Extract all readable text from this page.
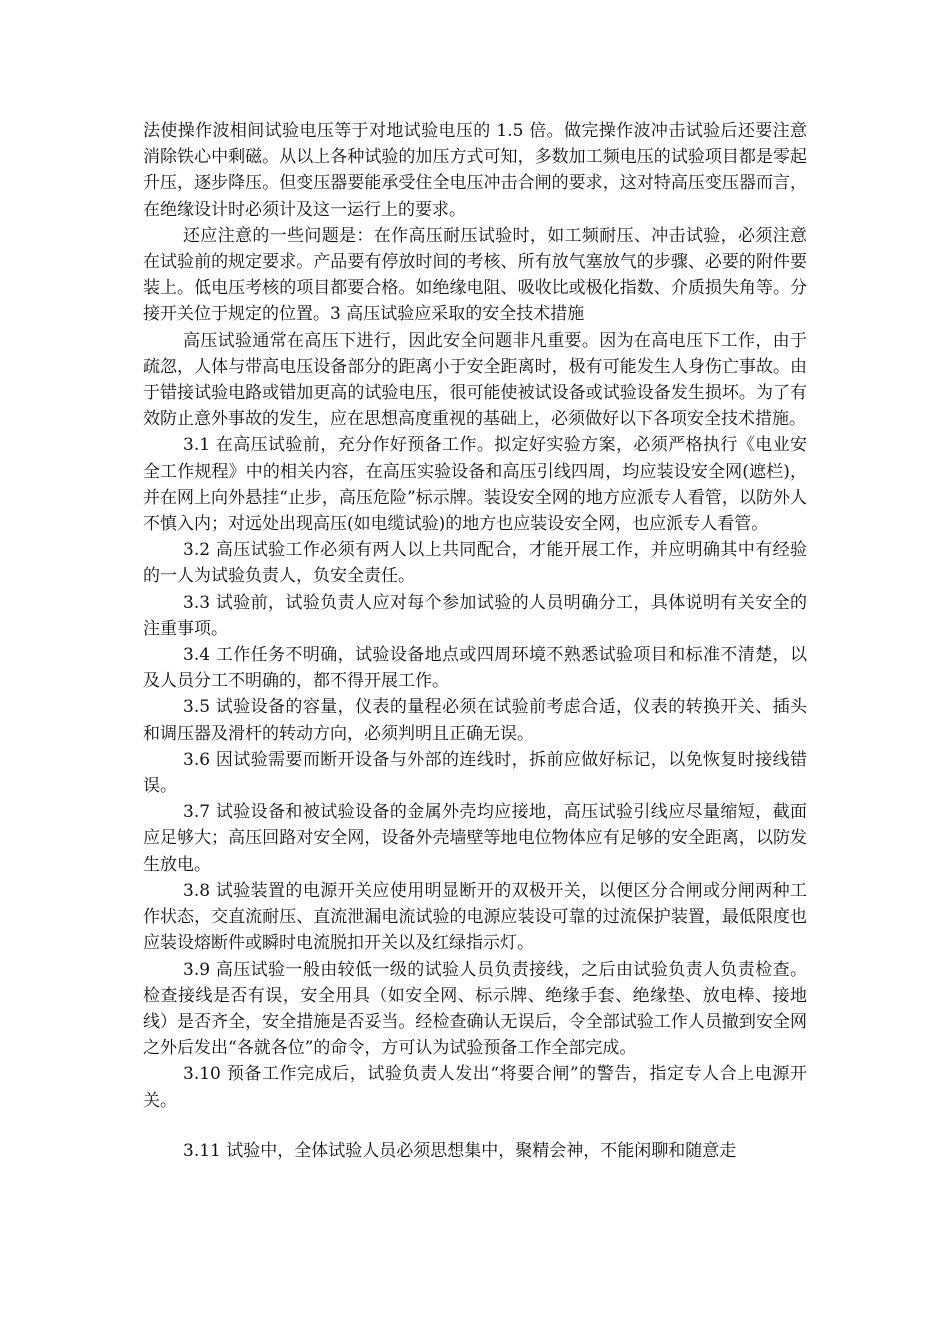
法使操作波相间试验电压等于对地试验电压的 1.5 倍。做完操作波冲击试验后还要注意消除铁心中剩磁。从以上各种试验的加压方式可知，多数加工频电压的试验项目都是零起升压，逐步降压。但变压器要能承受住全电压冲击合闸的要求，这对特高压变压器而言，在绝缘设计时必须计及这一运行上的要求。

还应注意的一些问题是：在作高压耐压试验时，如工频耐压、冲击试验，必须注意在试验前的规定要求。产品要有停放时间的考核、所有放气塞放气的步骤、必要的附件要装上。低电压考核的项目都要合格。如绝缘电阻、吸收比或极化指数、介质损失角等。分接开关位于规定的位置。3 高压试验应采取的安全技术措施

高压试验通常在高压下进行，因此安全问题非凡重要。因为在高电压下工作，由于疏忽，人体与带高电压设备部分的距离小于安全距离时，极有可能发生人身伤亡事故。由于错接试验电路或错加更高的试验电压，很可能使被试设备或试验设备发生损坏。为了有效防止意外事故的发生，应在思想高度重视的基础上，必须做好以下各项安全技术措施。

3.1 在高压试验前，充分作好预备工作。拟定好实验方案，必须严格执行《电业安全工作规程》中的相关内容，在高压实验设备和高压引线四周，均应装设安全网(遮栏)，并在网上向外悬挂“止步，高压危险”标示牌。装设安全网的地方应派专人看管，以防外人不慎入内；对远处出现高压(如电缆试验)的地方也应装设安全网，也应派专人看管。

3.2 高压试验工作必须有两人以上共同配合，才能开展工作，并应明确其中有经验的一人为试验负责人，负安全责任。

3.3 试验前，试验负责人应对每个参加试验的人员明确分工，具体说明有关安全的注重事项。

3.4 工作任务不明确，试验设备地点或四周环境不熟悉试验项目和标准不清楚，以及人员分工不明确的，都不得开展工作。

3.5 试验设备的容量，仪表的量程必须在试验前考虑合适，仪表的转换开关、插头和调压器及滑杆的转动方向，必须判明且正确无误。

3.6 因试验需要而断开设备与外部的连线时，拆前应做好标记，以免恢复时接线错误。

3.7 试验设备和被试验设备的金属外壳均应接地，高压试验引线应尽量缩短，截面应足够大；高压回路对安全网，设备外壳墙壁等地电位物体应有足够的安全距离，以防发生放电。

3.8 试验装置的电源开关应使用明显断开的双极开关，以便区分合闸或分闸两种工作状态，交直流耐压、直流泄漏电流试验的电源应装设可靠的过流保护装置，最低限度也应装设熔断件或瞬时电流脱扣开关以及红绿指示灯。

3.9 高压试验一般由较低一级的试验人员负责接线，之后由试验负责人负责检查。检查接线是否有误，安全用具（如安全网、标示牌、绝缘手套、绝缘垫、放电棒、接地线）是否齐全，安全措施是否妥当。经检查确认无误后，令全部试验工作人员撤到安全网之外后发出“各就各位”的命令，方可认为试验预备工作全部完成。

3.10 预备工作完成后，试验负责人发出“将要合闸”的警告，指定专人合上电源开关。

3.11 试验中，全体试验人员必须思想集中，聚精会神，不能闲聊和随意走
